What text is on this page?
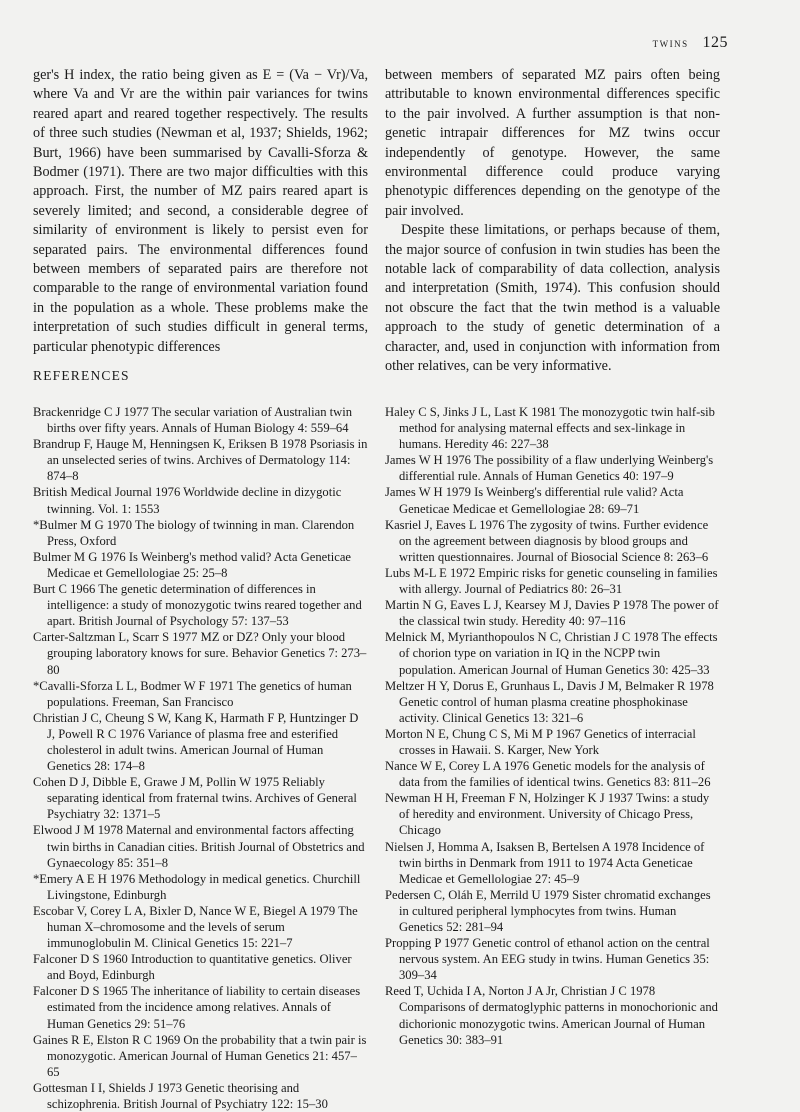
twins 125

ger's H index, the ratio being given as E = (Va − Vr)/Va, where Va and Vr are the within pair variances for twins reared apart and reared together respectively. The results of three such studies (Newman et al, 1937; Shields, 1962; Burt, 1966) have been summarised by Cavalli-Sforza & Bodmer (1971). There are two major difficulties with this approach. First, the number of MZ pairs reared apart is severely limited; and second, a considerable degree of similarity of environment is likely to persist even for separated pairs. The environmental differences found between members of separated pairs are therefore not comparable to the range of environmental variation found in the population as a whole. These problems make the interpretation of such studies difficult in general terms, particular phenotypic differences

between members of separated MZ pairs often being attributable to known environmental differences specific to the pair involved. A further assumption is that non-genetic intrapair differences for MZ twins occur independently of genotype. However, the same environmental difference could produce varying phenotypic differences depending on the genotype of the pair involved.

Despite these limitations, or perhaps because of them, the major source of confusion in twin studies has been the notable lack of comparability of data collection, analysis and interpretation (Smith, 1974). This confusion should not obscure the fact that the twin method is a valuable approach to the study of genetic determination of a character, and, used in conjunction with information from other relatives, can be very informative.

REFERENCES

Brackenridge C J 1977 The secular variation of Australian twin births over fifty years. Annals of Human Biology 4: 559–64

Brandrup F, Hauge M, Henningsen K, Eriksen B 1978 Psoriasis in an unselected series of twins. Archives of Dermatology 114: 874–8

British Medical Journal 1976 Worldwide decline in dizygotic twinning. Vol. 1: 1553

*Bulmer M G 1970 The biology of twinning in man. Clarendon Press, Oxford

Bulmer M G 1976 Is Weinberg's method valid? Acta Geneticae Medicae et Gemellologiae 25: 25–8

Burt C 1966 The genetic determination of differences in intelligence: a study of monozygotic twins reared together and apart. British Journal of Psychology 57: 137–53

Carter-Saltzman L, Scarr S 1977 MZ or DZ? Only your blood grouping laboratory knows for sure. Behavior Genetics 7: 273–80

*Cavalli-Sforza L L, Bodmer W F 1971 The genetics of human populations. Freeman, San Francisco

Christian J C, Cheung S W, Kang K, Harmath F P, Huntzinger D J, Powell R C 1976 Variance of plasma free and esterified cholesterol in adult twins. American Journal of Human Genetics 28: 174–8

Cohen D J, Dibble E, Grawe J M, Pollin W 1975 Reliably separating identical from fraternal twins. Archives of General Psychiatry 32: 1371–5

Elwood J M 1978 Maternal and environmental factors affecting twin births in Canadian cities. British Journal of Obstetrics and Gynaecology 85: 351–8

*Emery A E H 1976 Methodology in medical genetics. Churchill Livingstone, Edinburgh

Escobar V, Corey L A, Bixler D, Nance W E, Biegel A 1979 The human X–chromosome and the levels of serum immunoglobulin M. Clinical Genetics 15: 221–7

Falconer D S 1960 Introduction to quantitative genetics. Oliver and Boyd, Edinburgh

Falconer D S 1965 The inheritance of liability to certain diseases estimated from the incidence among relatives. Annals of Human Genetics 29: 51–76

Gaines R E, Elston R C 1969 On the probability that a twin pair is monozygotic. American Journal of Human Genetics 21: 457–65

Gottesman I I, Shields J 1973 Genetic theorising and schizophrenia. British Journal of Psychiatry 122: 15–30

Haley C S, Jinks J L, Last K 1981 The monozygotic twin half-sib method for analysing maternal effects and sex-linkage in humans. Heredity 46: 227–38

James W H 1976 The possibility of a flaw underlying Weinberg's differential rule. Annals of Human Genetics 40: 197–9

James W H 1979 Is Weinberg's differential rule valid? Acta Geneticae Medicae et Gemellologiae 28: 69–71

Kasriel J, Eaves L 1976 The zygosity of twins. Further evidence on the agreement between diagnosis by blood groups and written questionnaires. Journal of Biosocial Science 8: 263–6

Lubs M-L E 1972 Empiric risks for genetic counseling in families with allergy. Journal of Pediatrics 80: 26–31

Martin N G, Eaves L J, Kearsey M J, Davies P 1978 The power of the classical twin study. Heredity 40: 97–116

Melnick M, Myrianthopoulos N C, Christian J C 1978 The effects of chorion type on variation in IQ in the NCPP twin population. American Journal of Human Genetics 30: 425–33

Meltzer H Y, Dorus E, Grunhaus L, Davis J M, Belmaker R 1978 Genetic control of human plasma creatine phosphokinase activity. Clinical Genetics 13: 321–6

Morton N E, Chung C S, Mi M P 1967 Genetics of interracial crosses in Hawaii. S. Karger, New York

Nance W E, Corey L A 1976 Genetic models for the analysis of data from the families of identical twins. Genetics 83: 811–26

Newman H H, Freeman F N, Holzinger K J 1937 Twins: a study of heredity and environment. University of Chicago Press, Chicago

Nielsen J, Homma A, Isaksen B, Bertelsen A 1978 Incidence of twin births in Denmark from 1911 to 1974 Acta Geneticae Medicae et Gemellologiae 27: 45–9

Pedersen C, Oláh E, Merrild U 1979 Sister chromatid exchanges in cultured peripheral lymphocytes from twins. Human Genetics 52: 281–94

Propping P 1977 Genetic control of ethanol action on the central nervous system. An EEG study in twins. Human Genetics 35: 309–34

Reed T, Uchida I A, Norton J A Jr, Christian J C 1978 Comparisons of dermatoglyphic patterns in monochorionic and dichorionic monozygotic twins. American Journal of Human Genetics 30: 383–91
